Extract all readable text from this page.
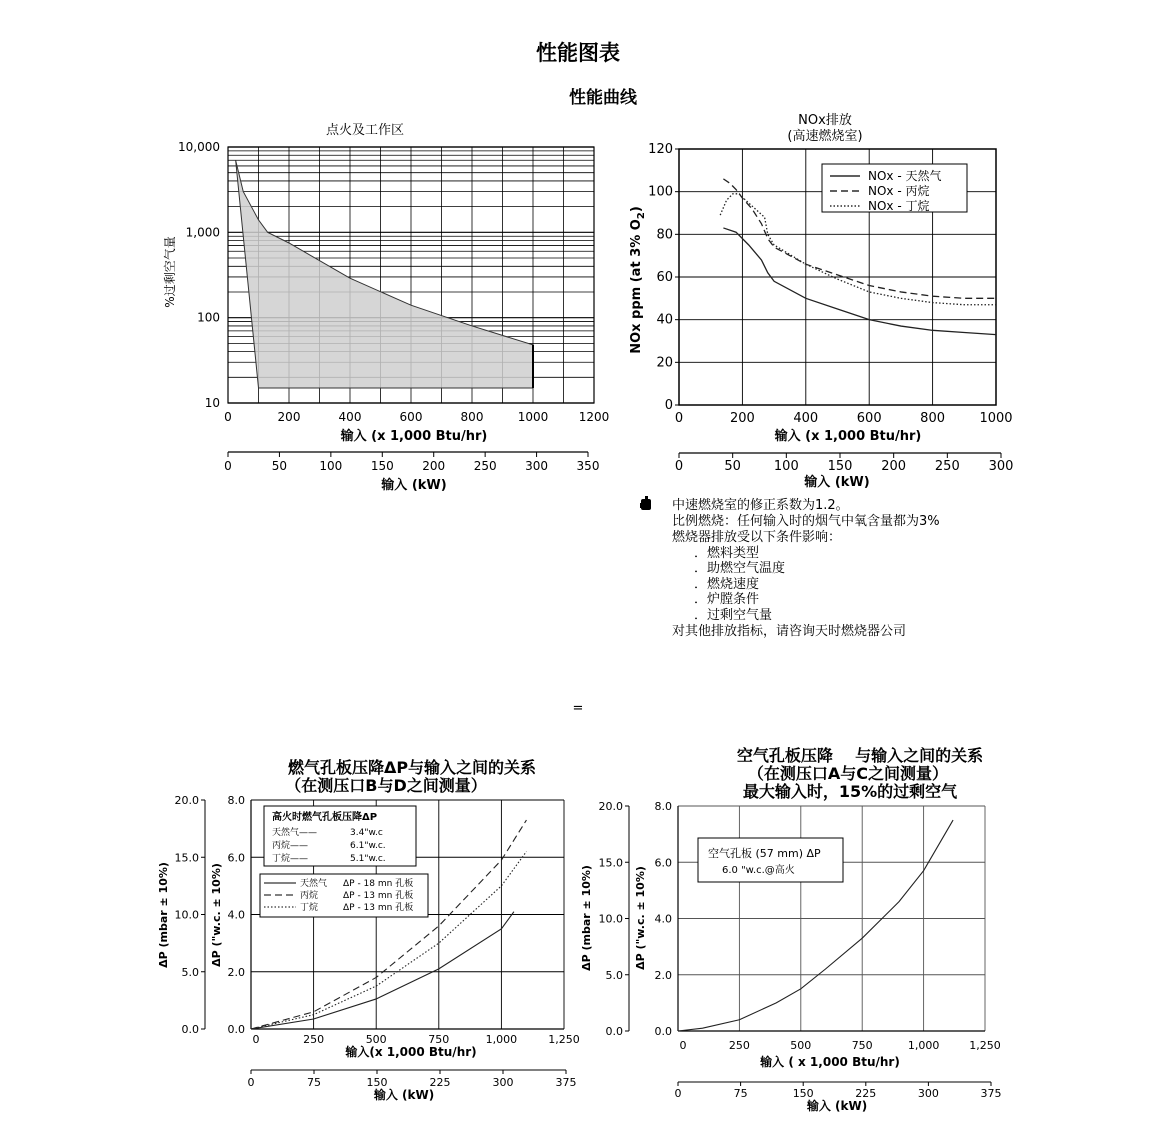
性能图表
性能曲线
=
点火及工作区
%过剩空气量
输入 (x 1,000 Btu/hr)
输入 (kW)
10
100
1,000
10,000
0	200	400	600	800	1000	1200
0	50	100 150 200 250 300 350
NOx排放
(高速燃烧室)
NOx ppm (at 3% $O_2$)
输入 (x 1,000 Btu/hr)
输入 (kW)
0
20
40
60
80
100
120
0	200	400	600	800	1000
NOx - 天然气
NOx - 丙烷
NOx - 丁烷
0	50	100 150 200 250 300
中速燃烧室的修正系数为1.2。
比例燃烧：任何输入时的烟气中氧含量都为3%
燃烧器排放受以下条件影响：
．燃料类型
．助燃空气温度
．燃烧速度
．炉膛条件
．过剩空气量
对其他排放指标，请咨询天时燃烧器公司
燃气孔板压降ΔP与输入之间的关系
（在测压口B与D之间测量）
ΔP ("w.c. ± 10%)
ΔP (mbar ± 10%)
输入(x 1,000 Btu/hr)
输入 (kW)
0.0
2.0
4.0
6.0
8.0
0.0
5.0
10.0
15.0
20.0
0	250	500	750	1,000	1,250
高火时燃气孔板压降ΔP
天然气——	3.4"w.c
丙烷——	6.1"w.c.
丁烷——	5.1"w.c.
天然气 ΔP - 18 mn 孔板
丙烷	ΔP - 13 mn 孔板
丁烷	ΔP - 13 mn 孔板
0	75	150	225	300	375
空气孔板压降    与输入之间的关系
（在测压口A与C之间测量）
最大输入时，15%的过剩空气
ΔP ("w.c. ± 10%)
ΔP (mbar ± 10%)
输入 ( x 1,000 Btu/hr)
输入 (kW)
0.0
2.0
4.0
6.0
8.0
0.0
5.0
10.0
15.0
20.0
0	250	500	750	1,000	1,250
空气孔板 (57 mm) ΔP
6.0 "w.c.@高火
0	75	150	225	300	375
